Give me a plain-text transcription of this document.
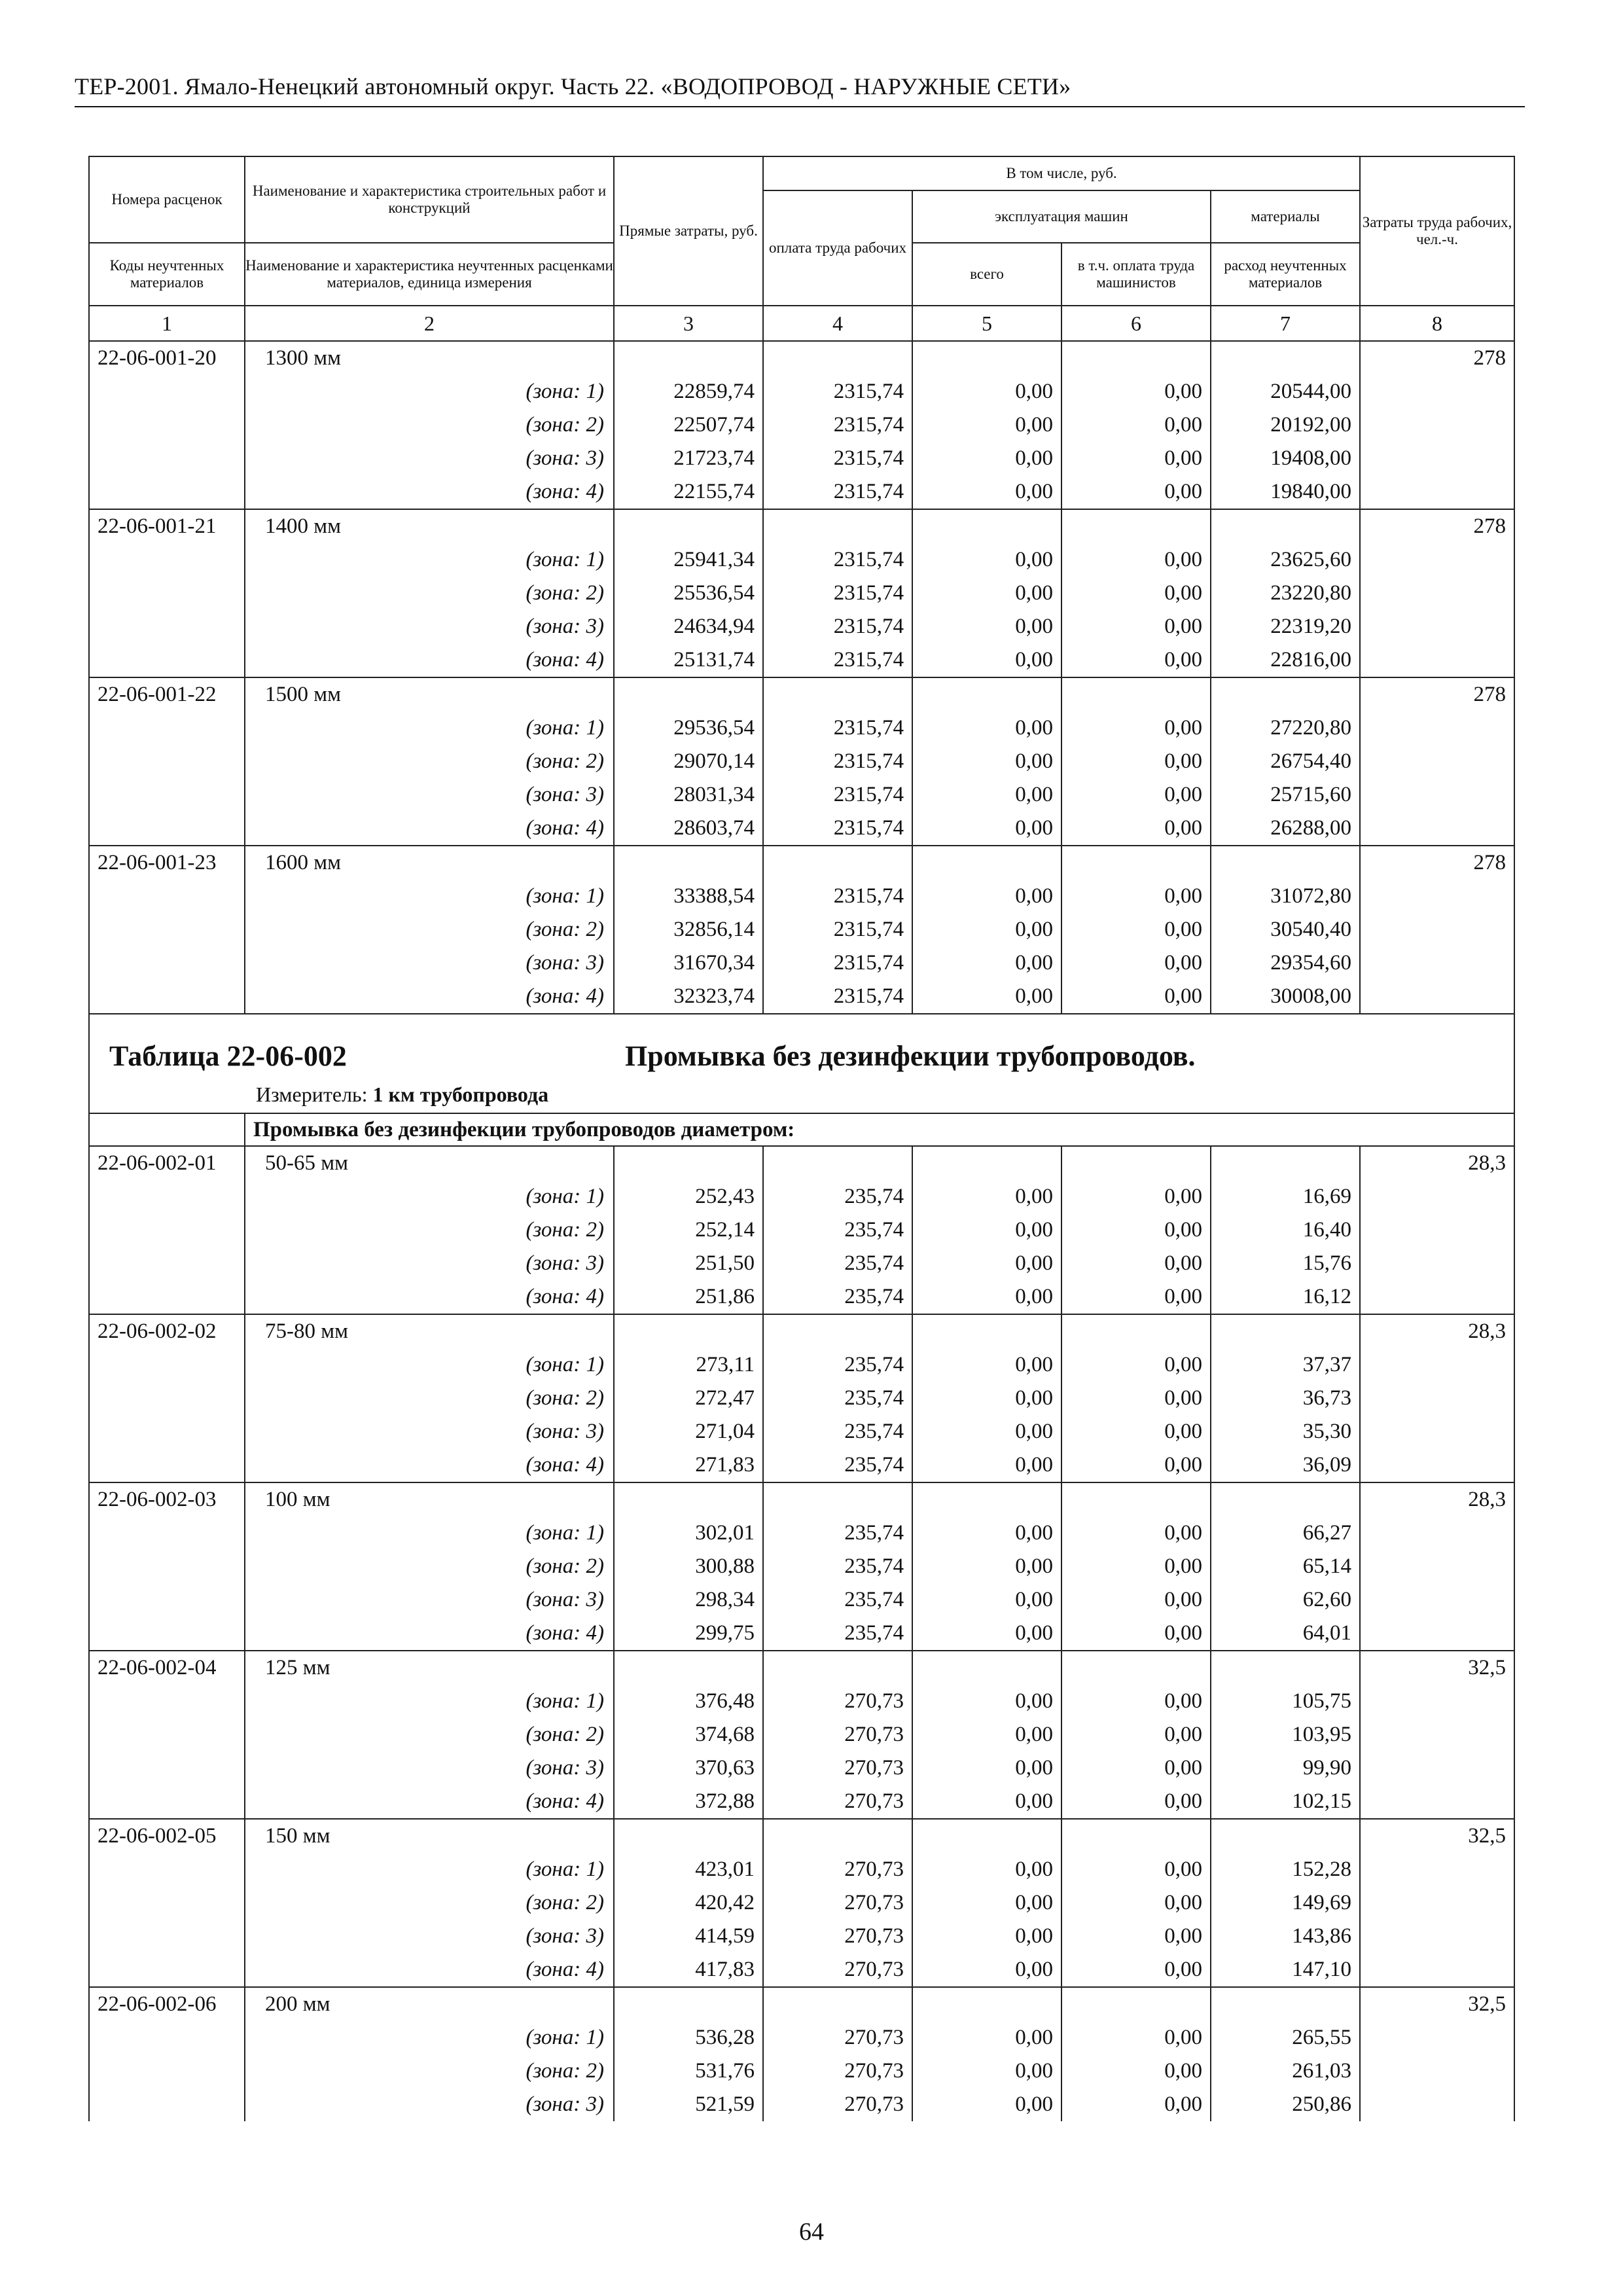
ТЕР-2001. Ямало-Ненецкий автономный округ. Часть 22. «ВОДОПРОВОД - НАРУЖНЫЕ СЕТИ»
Номера расценок	Наименование и характеристика строительных работ и конструкций	Прямые затраты, руб.	В том числе, руб.				Затраты труда рабочих, чел.-ч.
			оплата труда рабочих	эксплуатация машин		материалы	
Коды неучтенных материалов	Наименование и характеристика неучтенных расценками материалов, единица измерения			всего	в т.ч. оплата труда машинистов	расход неучтенных материалов	
1	2	3	4	5	6	7	8
22-06-001-20	1300 мм						278
	(зона: 1)	22859,74	2315,74	0,00	0,00	20544,00	
	(зона: 2)	22507,74	2315,74	0,00	0,00	20192,00	
	(зона: 3)	21723,74	2315,74	0,00	0,00	19408,00	
	(зона: 4)	22155,74	2315,74	0,00	0,00	19840,00	
22-06-001-21	1400 мм						278
	(зона: 1)	25941,34	2315,74	0,00	0,00	23625,60	
	(зона: 2)	25536,54	2315,74	0,00	0,00	23220,80	
	(зона: 3)	24634,94	2315,74	0,00	0,00	22319,20	
	(зона: 4)	25131,74	2315,74	0,00	0,00	22816,00	
22-06-001-22	1500 мм						278
	(зона: 1)	29536,54	2315,74	0,00	0,00	27220,80	
	(зона: 2)	29070,14	2315,74	0,00	0,00	26754,40	
	(зона: 3)	28031,34	2315,74	0,00	0,00	25715,60	
	(зона: 4)	28603,74	2315,74	0,00	0,00	26288,00	
22-06-001-23	1600 мм						278
	(зона: 1)	33388,54	2315,74	0,00	0,00	31072,80	
	(зона: 2)	32856,14	2315,74	0,00	0,00	30540,40	
	(зона: 3)	31670,34	2315,74	0,00	0,00	29354,60	
	(зона: 4)	32323,74	2315,74	0,00	0,00	30008,00	

Таблица 22-06-002 Промывка без дезинфекции трубопроводов.
Измеритель: 1 км трубопровода							

	Промывка без дезинфекции трубопроводов диаметром:						
22-06-002-01	50-65 мм						28,3
	(зона: 1)	252,43	235,74	0,00	0,00	16,69	
	(зона: 2)	252,14	235,74	0,00	0,00	16,40	
	(зона: 3)	251,50	235,74	0,00	0,00	15,76	
	(зона: 4)	251,86	235,74	0,00	0,00	16,12	
22-06-002-02	75-80 мм						28,3
	(зона: 1)	273,11	235,74	0,00	0,00	37,37	
	(зона: 2)	272,47	235,74	0,00	0,00	36,73	
	(зона: 3)	271,04	235,74	0,00	0,00	35,30	
	(зона: 4)	271,83	235,74	0,00	0,00	36,09	
22-06-002-03	100 мм						28,3
	(зона: 1)	302,01	235,74	0,00	0,00	66,27	
	(зона: 2)	300,88	235,74	0,00	0,00	65,14	
	(зона: 3)	298,34	235,74	0,00	0,00	62,60	
	(зона: 4)	299,75	235,74	0,00	0,00	64,01	
22-06-002-04	125 мм						32,5
	(зона: 1)	376,48	270,73	0,00	0,00	105,75	
	(зона: 2)	374,68	270,73	0,00	0,00	103,95	
	(зона: 3)	370,63	270,73	0,00	0,00	99,90	
	(зона: 4)	372,88	270,73	0,00	0,00	102,15	
22-06-002-05	150 мм						32,5
	(зона: 1)	423,01	270,73	0,00	0,00	152,28	
	(зона: 2)	420,42	270,73	0,00	0,00	149,69	
	(зона: 3)	414,59	270,73	0,00	0,00	143,86	
	(зона: 4)	417,83	270,73	0,00	0,00	147,10	
22-06-002-06	200 мм						32,5
	(зона: 1)	536,28	270,73	0,00	0,00	265,55	
	(зона: 2)	531,76	270,73	0,00	0,00	261,03	
	(зона: 3)	521,59	270,73	0,00	0,00	250,86	
64
